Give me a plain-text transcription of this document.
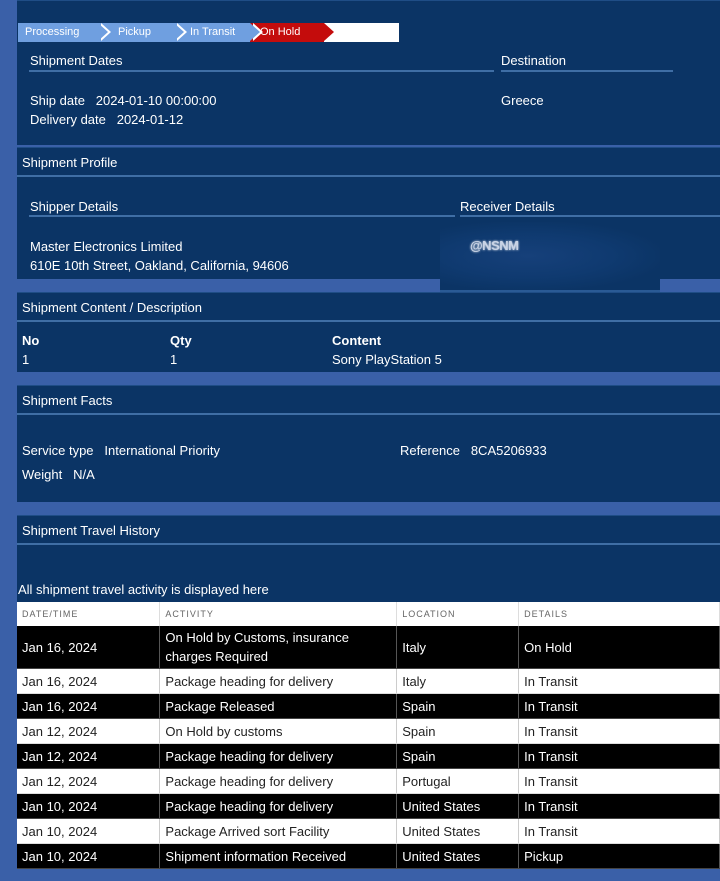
Shipment Dates	Destination
Ship date 2024-01-10 00:00:00
Delivery date 2024-01-12
Greece
Processing	Pickup	In Transit	On Hold
Shipment Profile
Shipper Details	Receiver Details
Master Electronics Limited
610E 10th Street, Oakland, California, 94606
@NSNM
Shipment Content / Description
No	Qty	Content
1	1	Sony PlayStation 5
Shipment Facts
Service type International Priority	Reference 8CA5206933
Weight N/A
Shipment Travel History
All shipment travel activity is displayed here
DATE/TIME	ACTIVITY	LOCATION	DETAILS
Jan 16, 2024	On Hold by Customs, insurance charges Required	Italy	On Hold
Jan 16, 2024	Package heading for delivery	Italy	In Transit
Jan 16, 2024	Package Released	Spain	In Transit
Jan 12, 2024	On Hold by customs	Spain	In Transit
Jan 12, 2024	Package heading for delivery	Spain	In Transit
Jan 12, 2024	Package heading for delivery	Portugal	In Transit
Jan 10, 2024	Package heading for delivery	United States	In Transit
Jan 10, 2024	Package Arrived sort Facility	United States	In Transit
Jan 10, 2024	Shipment information Received	United States	Pickup
